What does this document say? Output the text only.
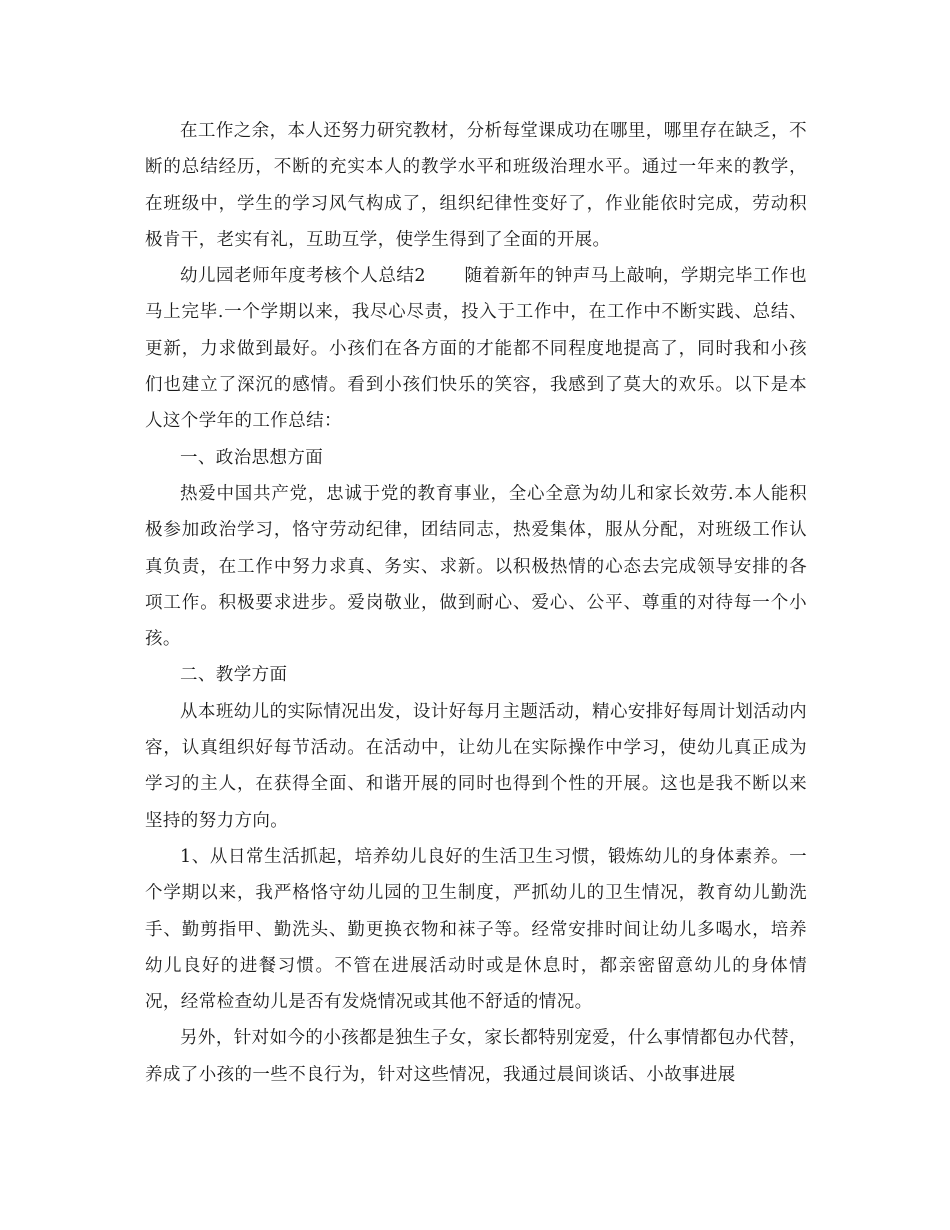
在工作之余，本人还努力研究教材，分析每堂课成功在哪里，哪里存在缺乏，不断的总结经历，不断的充实本人的教学水平和班级治理水平。通过一年来的教学，在班级中，学生的学习风气构成了，组织纪律性变好了，作业能依时完成，劳动积极肯干，老实有礼，互助互学，使学生得到了全面的开展。

幼儿园老师年度考核个人总结2 随着新年的钟声马上敲响，学期完毕工作也马上完毕.一个学期以来，我尽心尽责，投入于工作中，在工作中不断实践、总结、更新，力求做到最好。小孩们在各方面的才能都不同程度地提高了，同时我和小孩们也建立了深沉的感情。看到小孩们快乐的笑容，我感到了莫大的欢乐。以下是本人这个学年的工作总结：

一、政治思想方面

热爱中国共产党，忠诚于党的教育事业，全心全意为幼儿和家长效劳.本人能积极参加政治学习，恪守劳动纪律，团结同志，热爱集体，服从分配，对班级工作认真负责，在工作中努力求真、务实、求新。以积极热情的心态去完成领导安排的各项工作。积极要求进步。爱岗敬业，做到耐心、爱心、公平、尊重的对待每一个小孩。

二、教学方面

从本班幼儿的实际情况出发，设计好每月主题活动，精心安排好每周计划活动内容，认真组织好每节活动。在活动中，让幼儿在实际操作中学习，使幼儿真正成为学习的主人，在获得全面、和谐开展的同时也得到个性的开展。这也是我不断以来坚持的努力方向。

1、从日常生活抓起，培养幼儿良好的生活卫生习惯，锻炼幼儿的身体素养。一个学期以来，我严格恪守幼儿园的卫生制度，严抓幼儿的卫生情况，教育幼儿勤洗手、勤剪指甲、勤洗头、勤更换衣物和袜子等。经常安排时间让幼儿多喝水，培养幼儿良好的进餐习惯。不管在进展活动时或是休息时，都亲密留意幼儿的身体情况，经常检查幼儿是否有发烧情况或其他不舒适的情况。

另外，针对如今的小孩都是独生子女，家长都特别宠爱，什么事情都包办代替，养成了小孩的一些不良行为，针对这些情况，我通过晨间谈话、小故事进展
